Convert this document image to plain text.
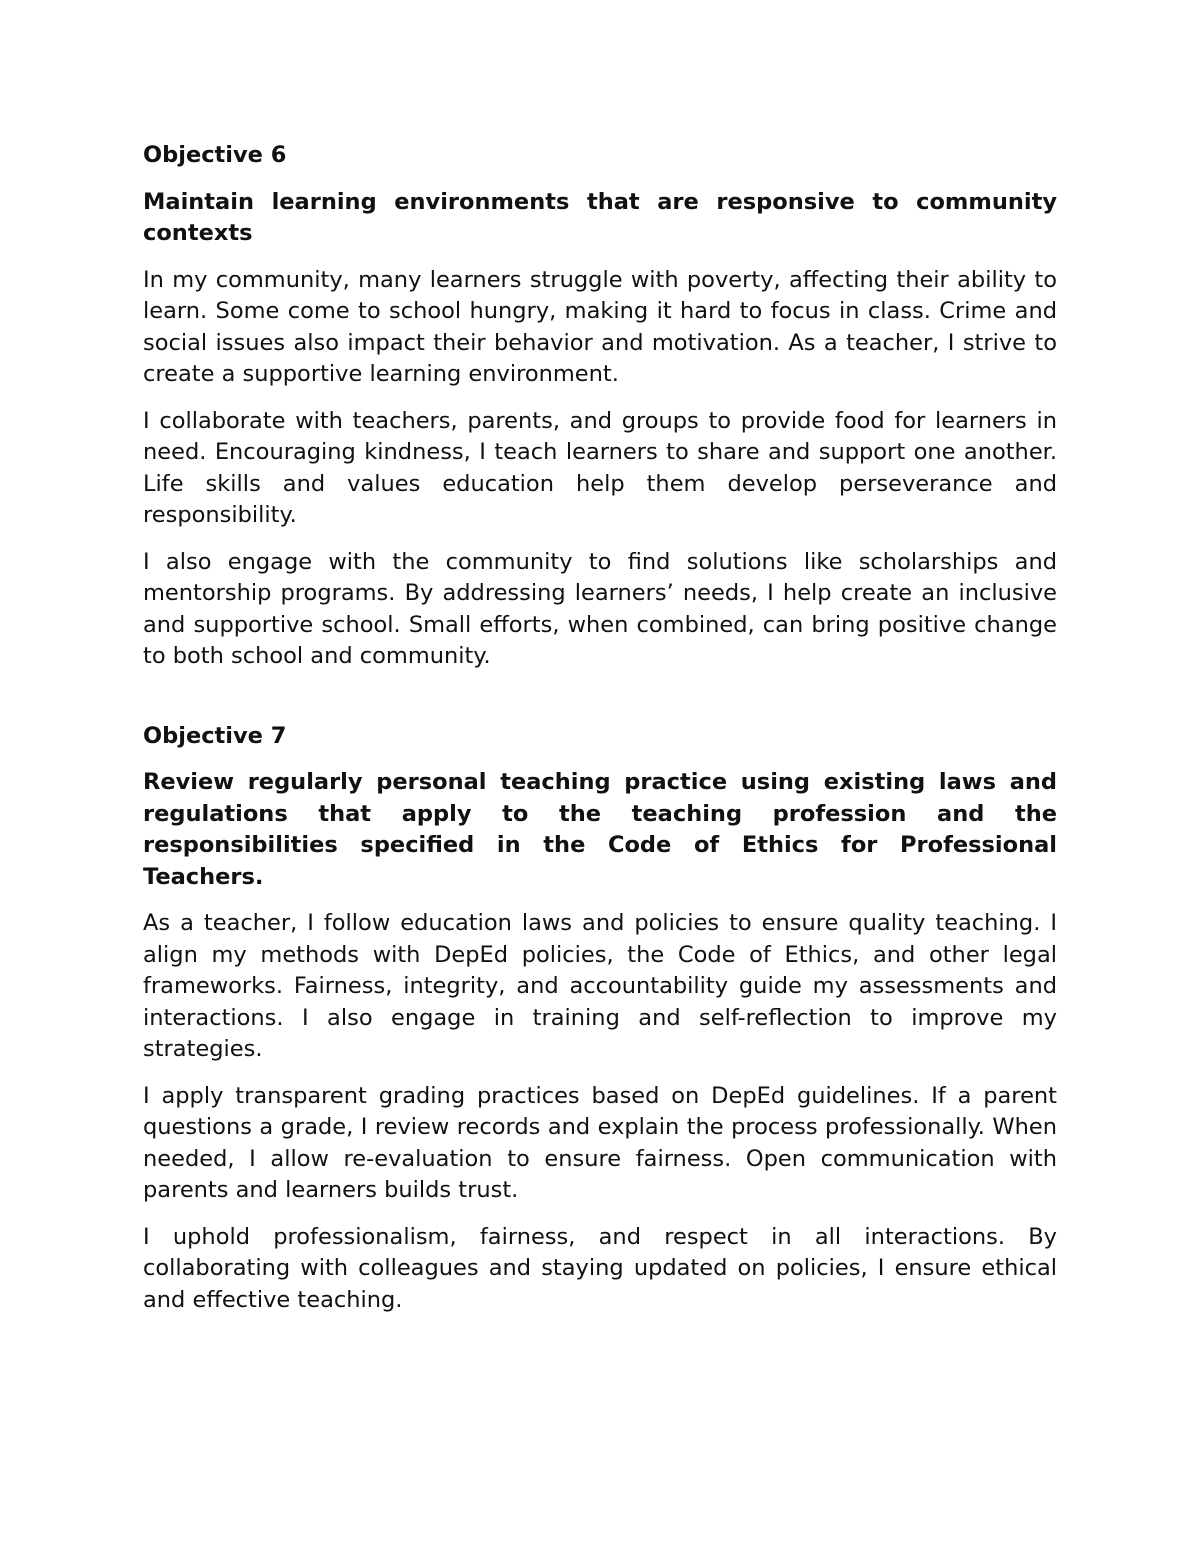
Objective 6

Maintain learning environments that are responsive to community contexts

In my community, many learners struggle with poverty, affecting their ability to learn. Some come to school hungry, making it hard to focus in class. Crime and social issues also impact their behavior and motivation. As a teacher, I strive to create a supportive learning environment.

I collaborate with teachers, parents, and groups to provide food for learners in need. Encouraging kindness, I teach learners to share and support one another. Life skills and values education help them develop perseverance and responsibility.

I also engage with the community to find solutions like scholarships and mentorship programs. By addressing learners’ needs, I help create an inclusive and supportive school. Small efforts, when combined, can bring positive change to both school and community.

Objective 7

Review regularly personal teaching practice using existing laws and regulations that apply to the teaching profession and the responsibilities specified in the Code of Ethics for Professional Teachers.

As a teacher, I follow education laws and policies to ensure quality teaching. I align my methods with DepEd policies, the Code of Ethics, and other legal frameworks. Fairness, integrity, and accountability guide my assessments and interactions. I also engage in training and self-reflection to improve my strategies.

I apply transparent grading practices based on DepEd guidelines. If a parent questions a grade, I review records and explain the process professionally. When needed, I allow re-evaluation to ensure fairness. Open communication with parents and learners builds trust.

I uphold professionalism, fairness, and respect in all interactions. By collaborating with colleagues and staying updated on policies, I ensure ethical and effective teaching.
